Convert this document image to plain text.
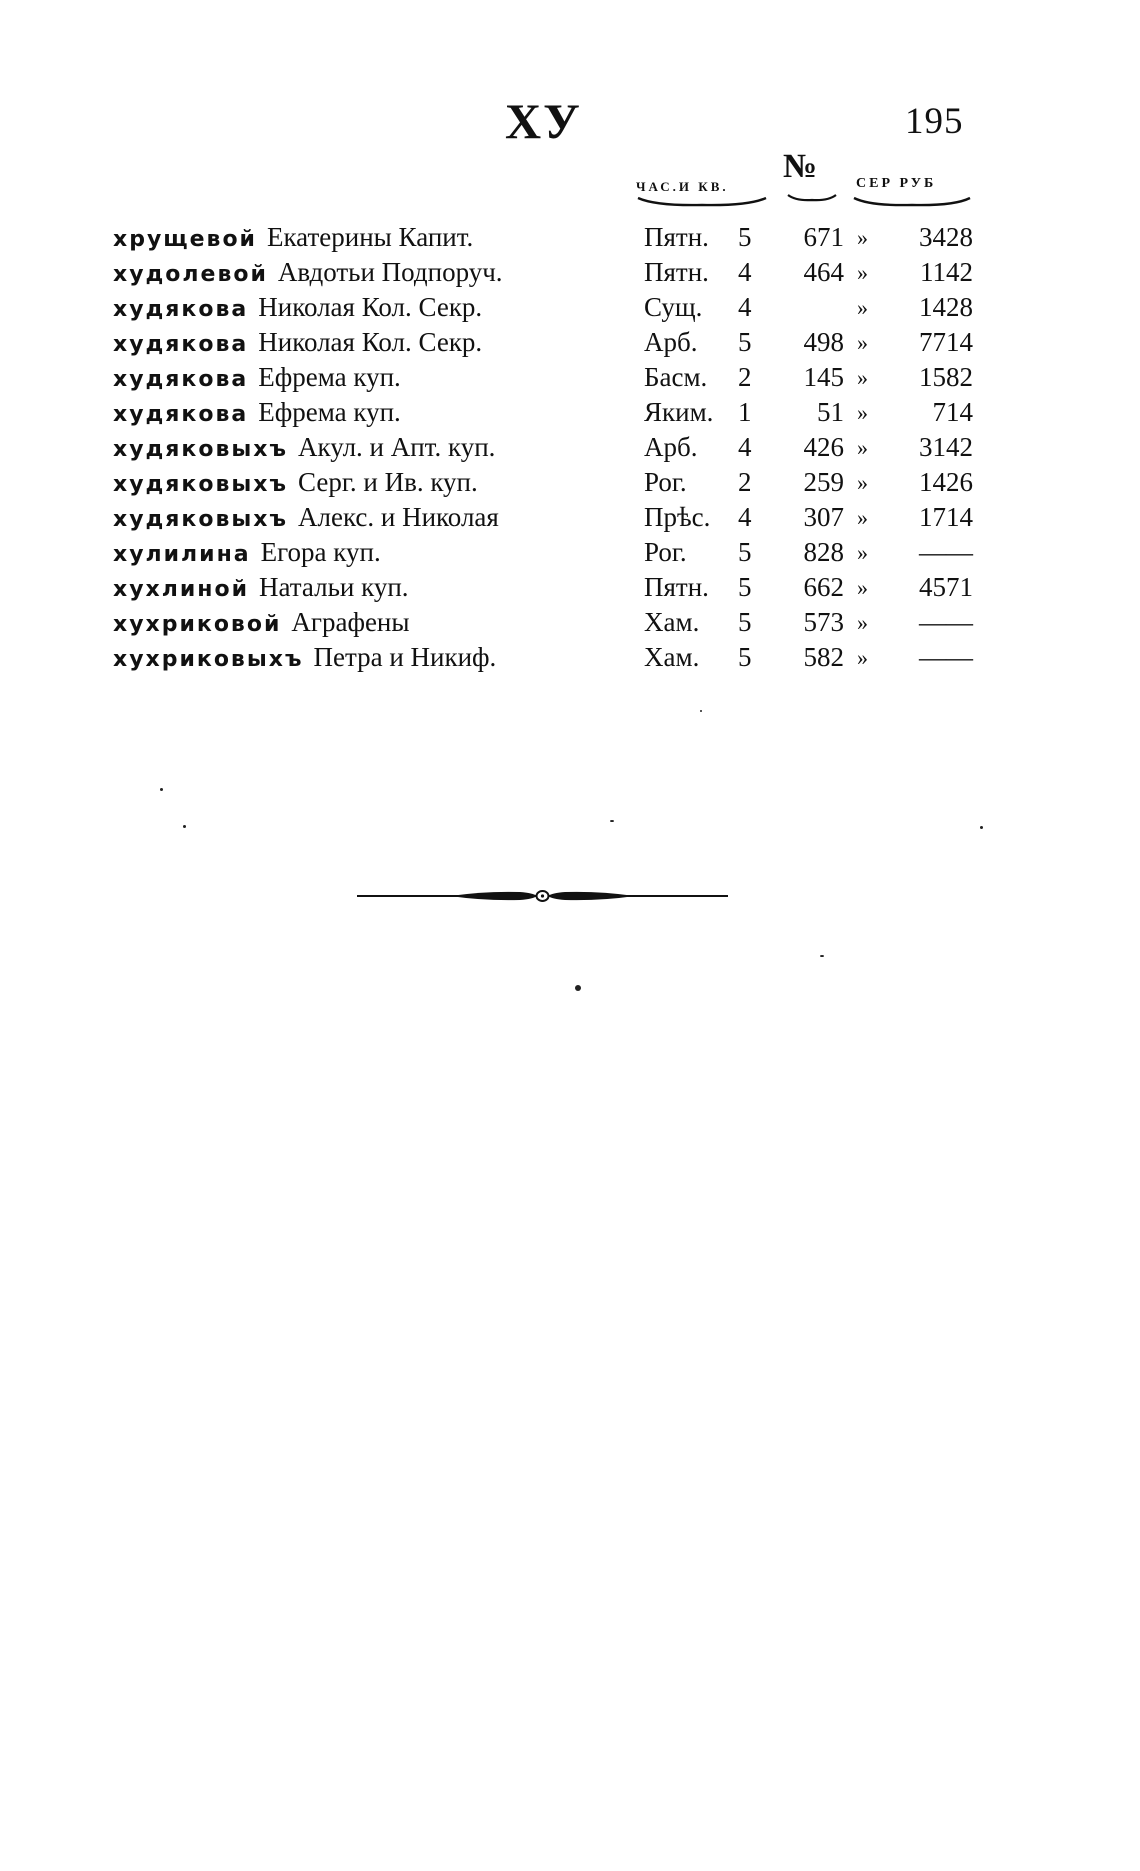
ХУ	195
ЧАС.И КВ.
№	СЕР РУБ
хрущевой Екатерины Капит.	Пятн. 5	671 »	3428
худолевой Авдотьи Подпоруч.	Пятн. 4	464 »	1142
худякова Николая Кол. Секр.	Сущ. 4	»	1428
худякова Николая Кол. Секр.	Арб. 5	498 »	7714
худякова Ефрема куп.	Басм. 2	145 »	1582
худякова Ефрема куп.	Яким. 1	51 »	714
худяковыхъ Акул. и Апт. куп.	Арб. 4	426 »	3142
худяковыхъ Серг. и Ив. куп.	Рог. 2	259 »	1426
худяковыхъ Алекс. и Николая	Прѣс. 4	307 »	1714
хулилина Егора куп.	Рог. 5	828 »	——
хухлиной Натальи куп.	Пятн. 5	662 »	4571
хухриковой Аграфены	Хам. 5	573 »	——
хухриковыхъ Петра и Никиф.	Хам. 5	582 »	——
